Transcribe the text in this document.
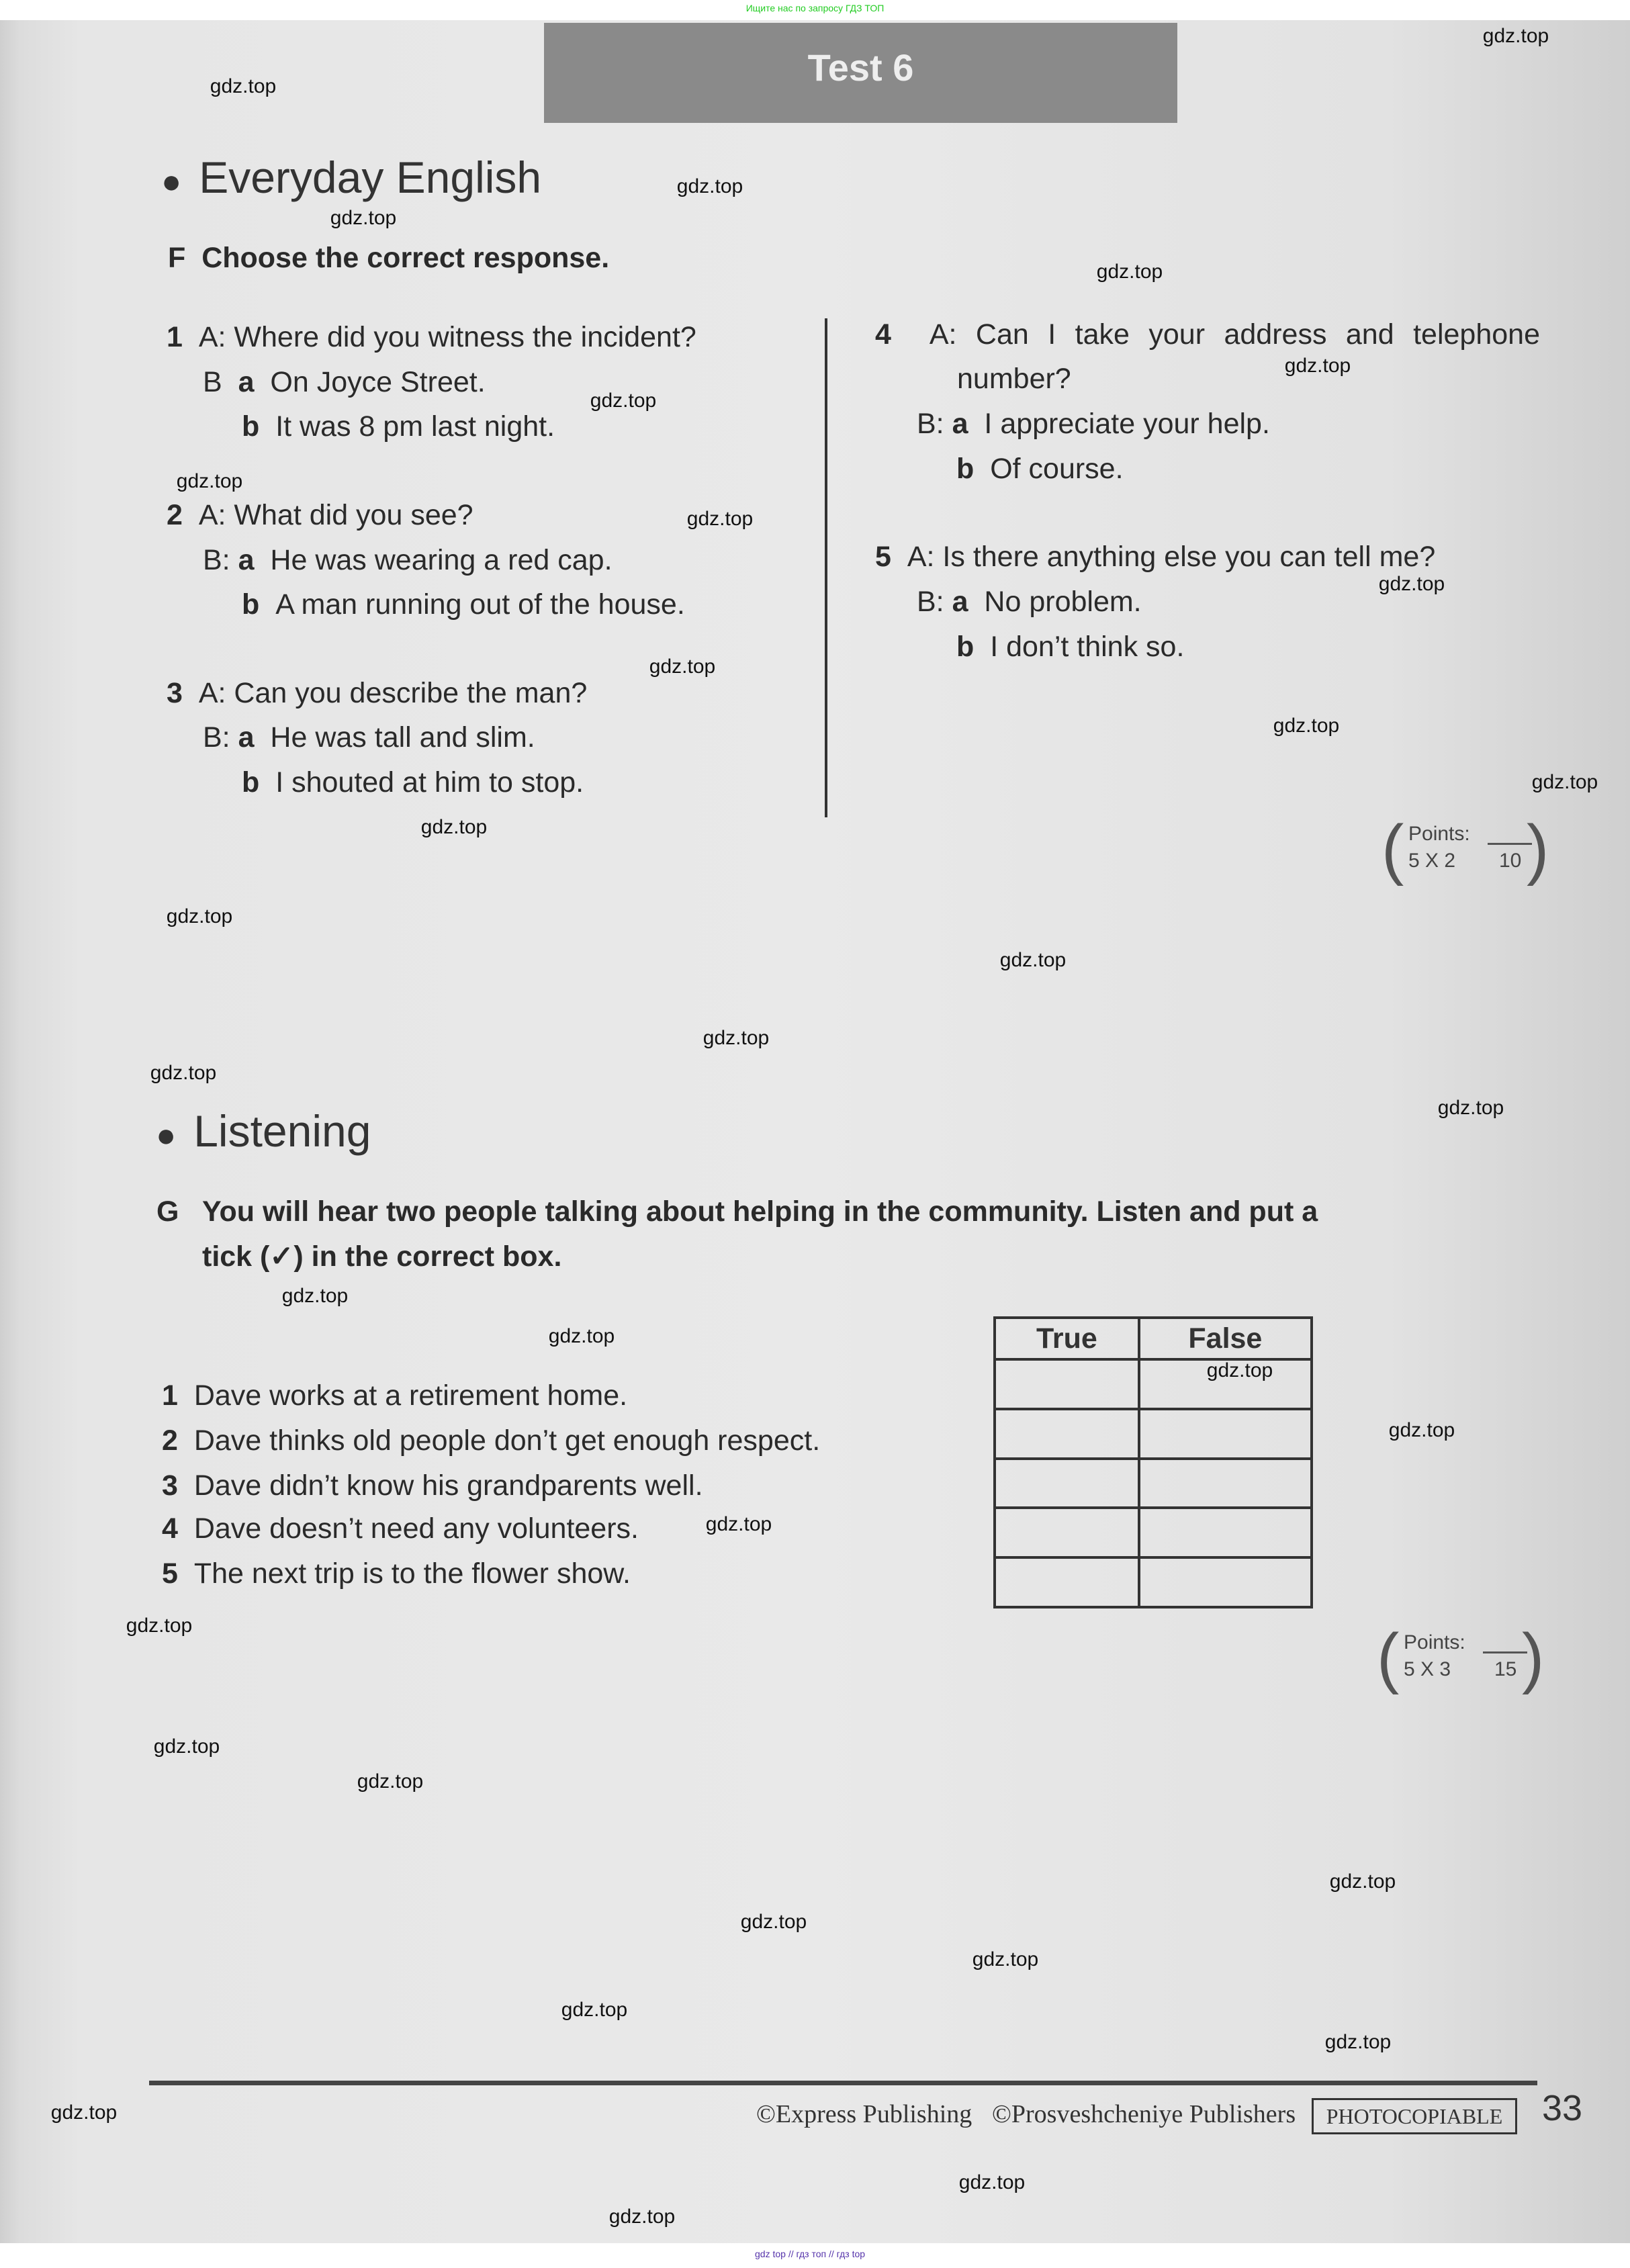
Ищите нас по запросу ГДЗ ТОП
Test 6
● Everyday English
F Choose the correct response.
1 A: Where did you witness the incident?
B a On Joyce Street.
b It was 8 pm last night.
2 A: What did you see?
B: a He was wearing a red cap.
b A man running out of the house.
3 A: Can you describe the man?
B: a He was tall and slim.
b I shouted at him to stop.
4 A: Can I take your address and telephone
number?
B: a I appreciate your help.
b Of course.
5 A: Is there anything else you can tell me?
B: a No problem.
b I don’t think so.
( Points:
5 X 2 10 )
● Listening
G You will hear two people talking about helping in the community. Listen and put a
tick (✓) in the correct box.
1 Dave works at a retirement home.
2 Dave thinks old people don’t get enough respect.
3 Dave didn’t know his grandparents well.
4 Dave doesn’t need any volunteers.
5 The next trip is to the flower show.
True	False

( Points:
5 X 3 15 )
©Express Publishing ©Prosveshcheniye Publishers	PHOTOCOPIABLE	33
gdz top // гдз топ // гдз top
gdz.top
gdz.top
gdz.top
gdz.top
gdz.top
gdz.top
gdz.top
gdz.top
gdz.top
gdz.top
gdz.top
gdz.top
gdz.top
gdz.top
gdz.top
gdz.top
gdz.top
gdz.top
gdz.top
gdz.top
gdz.top
gdz.top
gdz.top
gdz.top
gdz.top
gdz.top
gdz.top
gdz.top
gdz.top
gdz.top
gdz.top
gdz.top
gdz.top
gdz.top
gdz.top
